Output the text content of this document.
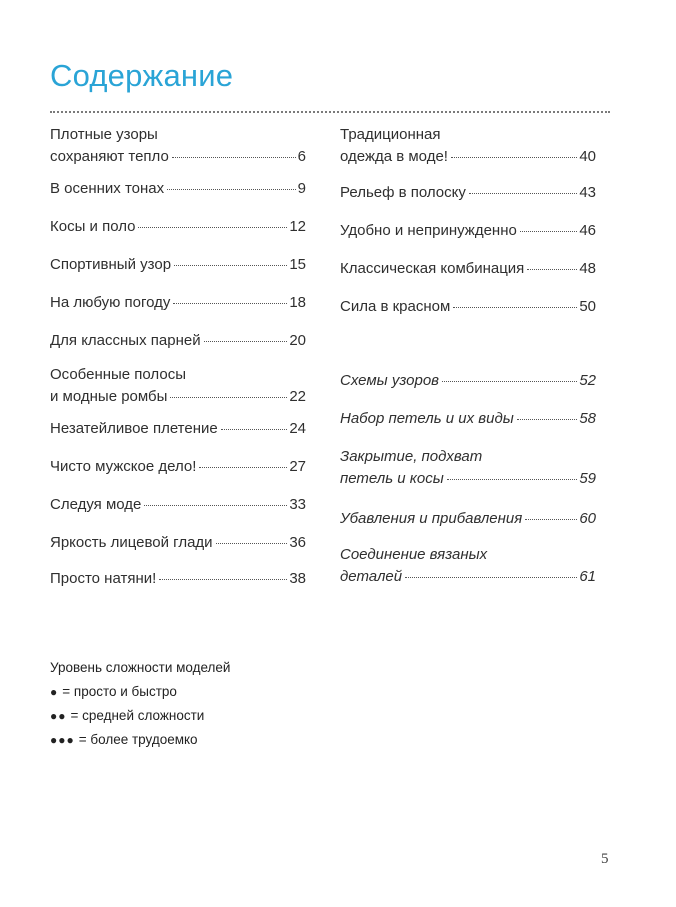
Содержание
Плотные узоры
сохраняют тепло	6
В осенних тонах	9
Косы и поло	12
Спортивный узор	15
На любую погоду	18
Для классных парней	20
Особенные полосы
и модные ромбы	22
Незатейливое плетение	24
Чисто мужское дело!	27
Следуя моде	33
Яркость лицевой глади	36
Просто натяни!	38
Традиционная
одежда в моде!	40
Рельеф в полоску	43
Удобно и непринужденно	46
Классическая комбинация	48
Сила в красном	50
Схемы узоров	52
Набор петель и их виды	58
Закрытие, подхват
петель и косы	59
Убавления и прибавления	60
Соединение вязаных
деталей	61
Уровень сложности моделей
● = просто и быстро
●● = средней сложности
●●● = более трудоемко
5
